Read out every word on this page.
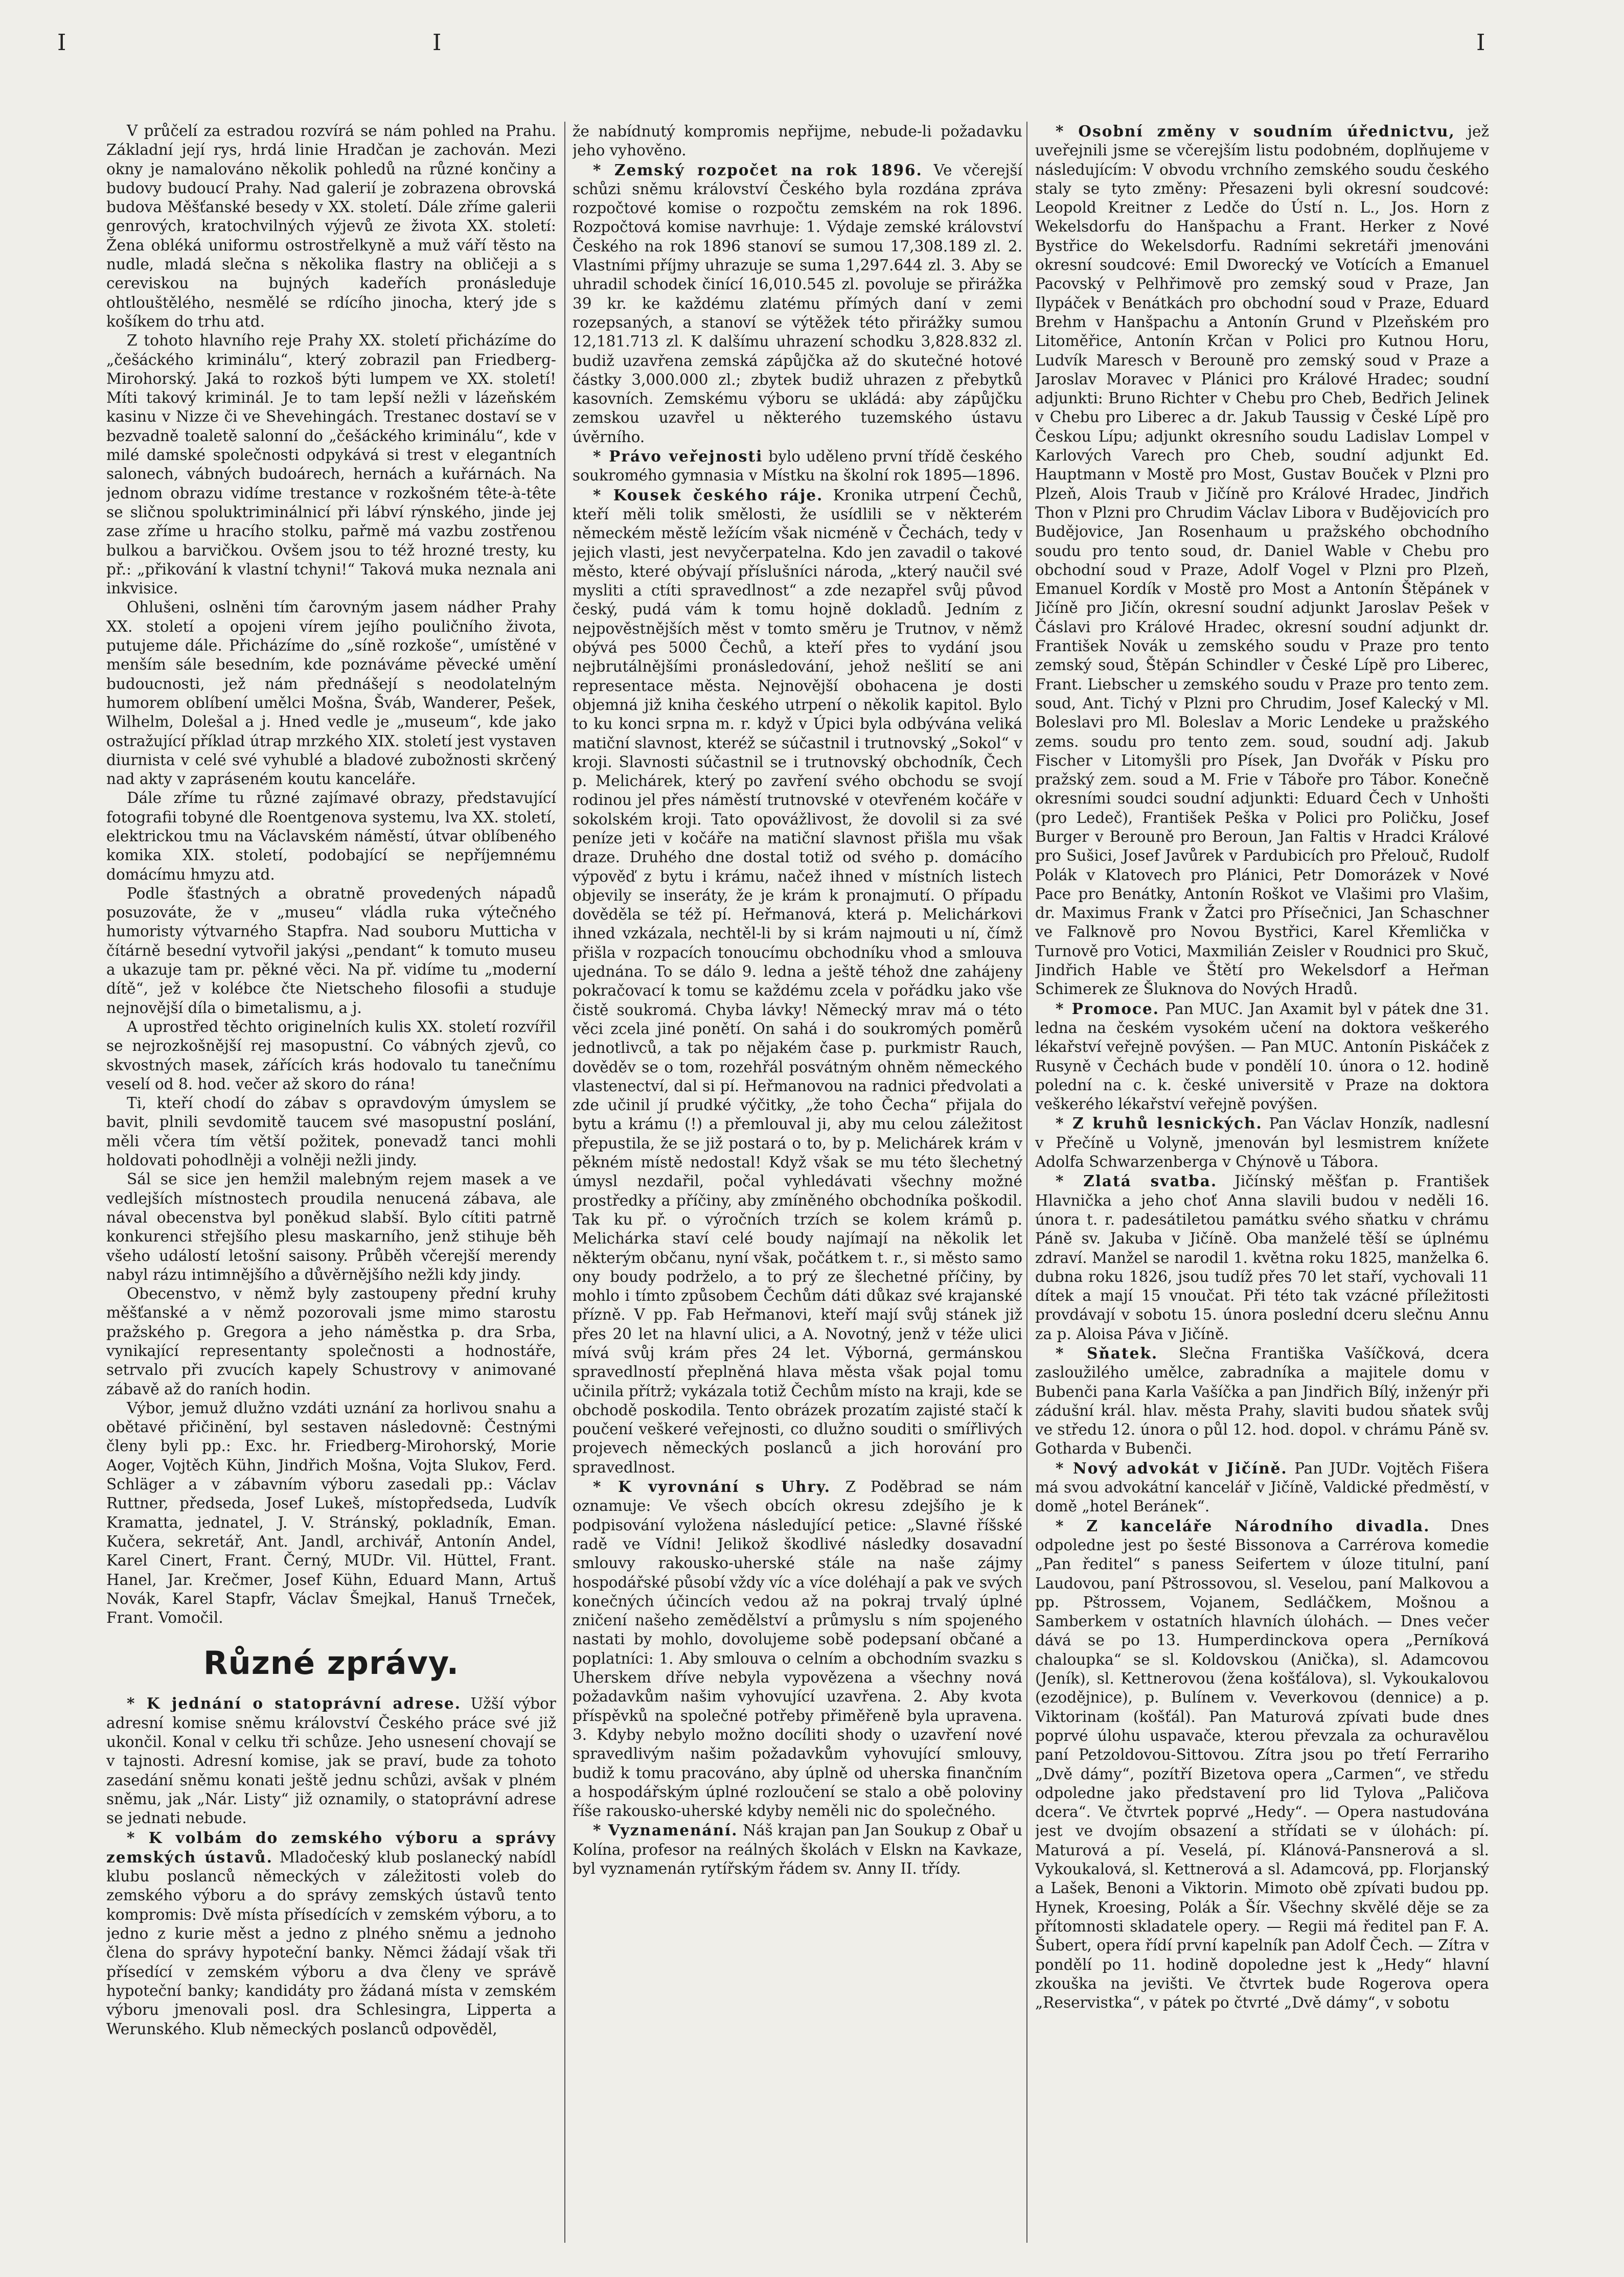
I	I	I

V průčelí za estradou rozvírá se nám pohled na Prahu. Základní její rys, hrdá linie Hradčan je zachován. Mezi okny je namalováno několik pohledů na různé končiny a budovy budoucí Prahy. Nad galerií je zobrazena obrovská budova Měšťanské besedy v XX. století. Dále zříme galerii genrových, kratochvilných výjevů ze života XX. století: Žena obléká uniformu ostrostřelkyně a muž váří těsto na nudle, mladá slečna s několika flastry na obličeji a s cereviskou na bujných kadeřích pronásleduje ohtlouštělého, nesmělé se rdícího jinocha, který jde s košíkem do trhu atd.

Z tohoto hlavního reje Prahy XX. století přicházíme do „češáckého kriminálu“, který zobrazil pan Friedberg-Mirohorský. Jaká to rozkoš býti lumpem ve XX. století! Míti takový kriminál. Je to tam lepší nežli v lázeňském kasinu v Nizze či ve Shevehingách. Trestanec dostaví se v bezvadně toaletě salonní do „češáckého kriminálu“, kde v milé damské společnosti odpykává si trest v elegantních salonech, vábných budoárech, hernách a kuřárnách. Na jednom obrazu vidíme trestance v rozkošném tête-à-tête se sličnou spoluktriminálnicí při lábví rýnského, jinde jej zase zříme u hracího stolku, pařmě má vazbu zostřenou bulkou a barvičkou. Ovšem jsou to též hrozné tresty, ku př.: „přikování k vlastní tchyni!“ Taková muka neznala ani inkvisice.

Ohlušeni, oslněni tím čarovným jasem nádher Prahy XX. století a opojeni vírem jejího pouličního života, putujeme dále. Přicházíme do „síně rozkoše“, umístěné v menším sále besedním, kde poznáváme pěvecké umění budoucnosti, jež nám přednášejí s neodolatelným humorem oblíbení umělci Mošna, Šváb, Wanderer, Pešek, Wilhelm, Dolešal a j. Hned vedle je „museum“, kde jako ostražující příklad útrap mrzkého XIX. století jest vystaven diurnista v celé své vyhublé a bladové zubožnosti skrčený nad akty v zapráseném koutu kanceláře.

Dále zříme tu různé zajímavé obrazy, představující fotografii tobyné dle Roentgenova systemu, lva XX. století, elektrickou tmu na Václavském náměstí, útvar oblíbeného komika XIX. století, podobající se nepříjemnému domácímu hmyzu atd.

Podle šťastných a obratně provedených nápadů posuzováte, že v „museu“ vládla ruka výtečného humoristy výtvarného Stapfra. Nad souboru Mutticha v čítárně besední vytvořil jakýsi „pendant“ k tomuto museu a ukazuje tam pr. pěkné věci. Na př. vidíme tu „moderní dítě“, jež v kolébce čte Nietscheho filosofii a studuje nejnovější díla o bimetalismu, a j.

A uprostřed těchto originelních kulis XX. století rozvířil se nejrozkošnější rej masopustní. Co vábných zjevů, co skvostných masek, zářících krás hodovalo tu tanečnímu veselí od 8. hod. večer až skoro do rána!

Ti, kteří chodí do zábav s opravdovým úmyslem se bavit, plnili sevdomitě taucem své masopustní poslání, měli včera tím větší požitek, ponevadž tanci mohli holdovati pohodlněji a volněji nežli jindy.

Sál se sice jen hemžil malebným rejem masek a ve vedlejších místnostech proudila nenucená zábava, ale nával obecenstva byl poněkud slabší. Bylo cítiti patrně konkurenci střejšího plesu maskarního, jenž stihuje běh všeho událostí letošní saisony. Průběh včerejší merendy nabyl rázu intimnějšího a důvěrnějšího nežli kdy jindy.

Obecenstvo, v němž byly zastoupeny přední kruhy měšťanské a v němž pozorovali jsme mimo starostu pražského p. Gregora a jeho náměstka p. dra Srba, vynikající representanty společnosti a hodnostáře, setrvalo při zvucích kapely Schustrovy v animované zábavě až do raních hodin.

Výbor, jemuž dlužno vzdáti uznání za horlivou snahu a obětavé přičinění, byl sestaven následovně: Čestnými členy byli pp.: Exc. hr. Friedberg-Mirohorský, Morie Aoger, Vojtěch Kühn, Jindřich Mošna, Vojta Slukov, Ferd. Schläger a v zábavním výboru zasedali pp.: Václav Ruttner, předseda, Josef Lukeš, místopředseda, Ludvík Kramatta, jednatel, J. V. Stránský, pokladník, Eman. Kučera, sekretář, Ant. Jandl, archivář, Antonín Andel, Karel Cinert, Frant. Černý, MUDr. Vil. Hüttel, Frant. Hanel, Jar. Krečmer, Josef Kühn, Eduard Mann, Artuš Novák, Karel Stapfr, Václav Šmejkal, Hanuš Trneček, Frant. Vomočil.

Různé zprávy.

* K jednání o statoprávní adrese. Užší výbor adresní komise sněmu království Českého práce své již ukončil. Konal v celku tři schůze. Jeho usnesení chovají se v tajnosti. Adresní komise, jak se praví, bude za tohoto zasedání sněmu konati ještě jednu schůzi, avšak v plném sněmu, jak „Nár. Listy“ již oznamily, o statoprávní adrese se jednati nebude.

* K volbám do zemského výboru a správy zemských ústavů. Mladočeský klub poslanecký nabídl klubu poslanců německých v záležitosti voleb do zemského výboru a do správy zemských ústavů tento kompromis: Dvě místa přísedících v zemském výboru, a to jedno z kurie měst a jedno z plného sněmu a jednoho člena do správy hypoteční banky. Němci žádají však tři přísedící v zemském výboru a dva členy ve správě hypoteční banky; kandidáty pro žádaná místa v zemském výboru jmenovali posl. dra Schlesingra, Lipperta a Werunského. Klub německých poslanců odpověděl,

že nabídnutý kompromis nepřijme, nebude-li požadavku jeho vyhověno.

* Zemský rozpočet na rok 1896. Ve včerejší schůzi sněmu království Českého byla rozdána zpráva rozpočtové komise o rozpočtu zemském na rok 1896. Rozpočtová komise navrhuje: 1. Výdaje zemské království Českého na rok 1896 stanoví se sumou 17,308.189 zl. 2. Vlastními příjmy uhrazuje se suma 1,297.644 zl. 3. Aby se uhradil schodek činící 16,010.545 zl. povoluje se přirážka 39 kr. ke každému zlatému přímých daní v zemi rozepsaných, a stanoví se výtěžek této přirážky sumou 12,181.713 zl. K dalšímu uhrazení schodku 3,828.832 zl. budiž uzavřena zemská zápůjčka až do skutečné hotové částky 3,000.000 zl.; zbytek budiž uhrazen z přebytků kasovních. Zemskému výboru se ukládá: aby zápůjčku zemskou uzavřel u některého tuzemského ústavu úvěrního.

* Právo veřejnosti bylo uděleno první třídě českého soukromého gymnasia v Místku na školní rok 1895—1896.

* Kousek českého ráje. Kronika utrpení Čechů, kteří měli tolik smělosti, že usídlili se v některém německém městě ležícím však nicméně v Čechách, tedy v jejich vlasti, jest nevyčerpatelna. Kdo jen zavadil o takové město, které obývají příslušníci národa, „který naučil své mysliti a ctíti spravedlnost“ a zde nezapřel svůj původ český, pudá vám k tomu hojně dokladů. Jedním z nejpověstnějších měst v tomto směru je Trutnov, v němž obývá pes 5000 Čechů, a kteří přes to vydání jsou nejbrutálnějšími pronásledování, jehož nešlití se ani representace města. Nejnovější obohacena je dosti objemná již kniha českého utrpení o několik kapitol. Bylo to ku konci srpna m. r. když v Úpici byla odbývána veliká matiční slavnost, kteréž se súčastnil i trutnovský „Sokol“ v kroji. Slavnosti súčastnil se i trutnovský obchodník, Čech p. Melichárek, který po zavření svého obchodu se svojí rodinou jel přes náměstí trutnovské v otevřeném kočáře v sokolském kroji. Tato opovážlivost, že dovolil si za své peníze jeti v kočáře na matiční slavnost přišla mu však draze. Druhého dne dostal totiž od svého p. domácího výpověď z bytu i krámu, načež ihned v místních listech objevily se inseráty, že je krám k pronajmutí. O případu dověděla se též pí. Heřmanová, která p. Melichárkovi ihned vzkázala, nechtěl-li by si krám najmouti u ní, čímž přišla v rozpacích tonoucímu obchodníku vhod a smlouva ujednána. To se dálo 9. ledna a ještě téhož dne zahájeny pokračovací k tomu se každému zcela v pořádku jako vše čistě soukromá. Chyba lávky! Německý mrav má o této věci zcela jiné ponětí. On sahá i do soukromých poměrů jednotlivců, a tak po nějakém čase p. purkmistr Rauch, dověděv se o tom, rozehřál posvátným ohněm německého vlastenectví, dal si pí. Heřmanovou na radnici předvolati a zde učinil jí prudké výčitky, „že toho Čecha“ přijala do bytu a krámu (!) a přemlouval ji, aby mu celou záležitost přepustila, že se již postará o to, by p. Melichárek krám v pěkném místě nedostal! Když však se mu této šlechetný úmysl nezdařil, počal vyhledávati všechny možné prostředky a příčiny, aby zmíněného obchodníka poškodil. Tak ku př. o výročních trzích se kolem krámů p. Melichárka staví celé boudy najímají na několik let některým občanu, nyní však, počátkem t. r., si město samo ony boudy podrželo, a to prý ze šlechetné příčiny, by mohlo i tímto způsobem Čechům dáti důkaz své krajanské přízně. V pp. Fab Heřmanovi, kteří mají svůj stánek již přes 20 let na hlavní ulici, a A. Novotný, jenž v téže ulici mívá svůj krám přes 24 let. Výborná, germánskou spravedlností přeplněná hlava města však pojal tomu učinila přítrž; vykázala totiž Čechům místo na kraji, kde se obchodě poskodila. Tento obrázek prozatím zajisté stačí k poučení veškeré veřejnosti, co dlužno souditi o smířlivých projevech německých poslanců a jich horování pro spravedlnost.

* K vyrovnání s Uhry. Z Poděbrad se nám oznamuje: Ve všech obcích okresu zdejšího je k podpisování vyložena následující petice: „Slavné říšské radě ve Vídni! Jelikož škodlivé následky dosavadní smlouvy rakousko-uherské stále na naše zájmy hospodářské působí vždy víc a více doléhají a pak ve svých konečných účincích vedou až na pokraj trvalý úplné zničení našeho zemědělství a průmyslu s ním spojeného nastati by mohlo, dovolujeme sobě podepsaní občané a poplatníci: 1. Aby smlouva o celním a obchodním svazku s Uherskem dříve nebyla vypovězena a všechny nová požadavkům našim vyhovující uzavřena. 2. Aby kvota příspěvků na společné potřeby přiměřeně byla upravena. 3. Kdyby nebylo možno docíliti shody o uzavření nové spravedlivým našim požadavkům vyhovující smlouvy, budiž k tomu pracováno, aby úplně od uherska finančním a hospodářským úplné rozloučení se stalo a obě poloviny říše rakousko-uherské kdyby neměli nic do společného.

* Vyznamenání. Náš krajan pan Jan Soukup z Obař u Kolína, profesor na reálných školách v Elskn na Kavkaze, byl vyznamenán rytířským řádem sv. Anny II. třídy.

* Osobní změny v soudním úřednictvu, jež uveřejnili jsme se včerejším listu podobném, doplňujeme v následujícím: V obvodu vrchního zemského soudu českého staly se tyto změny: Přesazeni byli okresní soudcové: Leopold Kreitner z Ledče do Ústí n. L., Jos. Horn z Wekelsdorfu do Hanšpachu a Frant. Herker z Nové Bystřice do Wekelsdorfu. Radními sekretáři jmenováni okresní soudcové: Emil Dworecký ve Votících a Emanuel Pacovský v Pelhřimově pro zemský soud v Praze, Jan Ilypáček v Benátkách pro obchodní soud v Praze, Eduard Brehm v Hanšpachu a Antonín Grund v Plzeňském pro Litoměřice, Antonín Krčan v Polici pro Kutnou Horu, Ludvík Maresch v Berouně pro zemský soud v Praze a Jaroslav Moravec v Plánici pro Králové Hradec; soudní adjunkti: Bruno Richter v Chebu pro Cheb, Bedřich Jelinek v Chebu pro Liberec a dr. Jakub Taussig v České Lípě pro Českou Lípu; adjunkt okresního soudu Ladislav Lompel v Karlových Varech pro Cheb, soudní adjunkt Ed. Hauptmann v Mostě pro Most, Gustav Bouček v Plzni pro Plzeň, Alois Traub v Jičíně pro Králové Hradec, Jindřich Thon v Plzni pro Chrudim Václav Libora v Budějovicích pro Budějovice, Jan Rosenhaum u pražského obchodního soudu pro tento soud, dr. Daniel Wable v Chebu pro obchodní soud v Praze, Adolf Vogel v Plzni pro Plzeň, Emanuel Kordík v Mostě pro Most a Antonín Štěpánek v Jičíně pro Jičín, okresní soudní adjunkt Jaroslav Pešek v Čáslavi pro Králové Hradec, okresní soudní adjunkt dr. František Novák u zemského soudu v Praze pro tento zemský soud, Štěpán Schindler v České Lípě pro Liberec, Frant. Liebscher u zemského soudu v Praze pro tento zem. soud, Ant. Tichý v Plzni pro Chrudim, Josef Kalecký v Ml. Boleslavi pro Ml. Boleslav a Moric Lendeke u pražského zems. soudu pro tento zem. soud, soudní adj. Jakub Fischer v Litomyšli pro Písek, Jan Dvořák v Písku pro pražský zem. soud a M. Frie v Táboře pro Tábor. Konečně okresními soudci soudní adjunkti: Eduard Čech v Unhošti (pro Ledeč), František Peška v Polici pro Poličku, Josef Burger v Berouně pro Beroun, Jan Faltis v Hradci Králové pro Sušici, Josef Javůrek v Pardubicích pro Přelouč, Rudolf Polák v Klatovech pro Plánici, Petr Domorázek v Nové Pace pro Benátky, Antonín Roškot ve Vlašimi pro Vlašim, dr. Maximus Frank v Žatci pro Přísečnici, Jan Schaschner ve Falknově pro Novou Bystřici, Karel Křemlička v Turnově pro Votici, Maxmilián Zeisler v Roudnici pro Skuč, Jindřich Hable ve Štětí pro Wekelsdorf a Heřman Schimerek ze Šluknova do Nových Hradů.

* Promoce. Pan MUC. Jan Axamit byl v pátek dne 31. ledna na českém vysokém učení na doktora veškerého lékařství veřejně povýšen. — Pan MUC. Antonín Piskáček z Rusyně v Čechách bude v pondělí 10. února o 12. hodině polední na c. k. české universitě v Praze na doktora veškerého lékařství veřejně povýšen.

* Z kruhů lesnických. Pan Václav Honzík, nadlesní v Přečíně u Volyně, jmenován byl lesmistrem knížete Adolfa Schwarzenberga v Chýnově u Tábora.

* Zlatá svatba. Jičínský měšťan p. František Hlavnička a jeho choť Anna slavili budou v neděli 16. února t. r. padesátiletou památku svého sňatku v chrámu Páně sv. Jakuba v Jičíně. Oba manželé těší se úplnému zdraví. Manžel se narodil 1. května roku 1825, manželka 6. dubna roku 1826, jsou tudíž přes 70 let staří, vychovali 11 dítek a mají 15 vnoučat. Při této tak vzácné příležitosti provdávají v sobotu 15. února poslední dceru slečnu Annu za p. Aloisa Páva v Jičíně.

* Sňatek. Slečna Františka Vašíčková, dcera zasloužilého umělce, zabradníka a majitele domu v Bubenči pana Karla Vašíčka a pan Jindřich Bílý, inženýr při zádušní král. hlav. města Prahy, slaviti budou sňatek svůj ve středu 12. února o půl 12. hod. dopol. v chrámu Páně sv. Gotharda v Bubenči.

* Nový advokát v Jičíně. Pan JUDr. Vojtěch Fišera má svou advokátní kancelář v Jičíně, Valdické předměstí, v domě „hotel Beránek“.

* Z kanceláře Národního divadla. Dnes odpoledne jest po šesté Bissonova a Carrérova komedie „Pan ředitel“ s paness Seifertem v úloze titulní, paní Laudovou, paní Pštrossovou, sl. Veselou, paní Malkovou a pp. Pštrossem, Vojanem, Sedláčkem, Mošnou a Samberkem v ostatních hlavních úlohách. — Dnes večer dává se po 13. Humperdinckova opera „Perníková chaloupka“ se sl. Koldovskou (Anička), sl. Adamcovou (Jeník), sl. Kettnerovou (žena košťálova), sl. Vykoukalovou (ezodějnice), p. Bulínem v. Veverkovou (dennice) a p. Viktorinam (košťál). Pan Maturová zpívati bude dnes poprvé úlohu uspavače, kterou převzala za ochuravělou paní Petzoldovou-Sittovou. Zítra jsou po třetí Ferrariho „Dvě dámy“, pozítří Bizetova opera „Carmen“, ve středu odpoledne jako představení pro lid Tylova „Paličova dcera“. Ve čtvrtek poprvé „Hedy“. — Opera nastudována jest ve dvojím obsazení a střídati se v úlohách: pí. Maturová a pí. Veselá, pí. Klánová-Pansnerová a sl. Vykoukalová, sl. Kettnerová a sl. Adamcová, pp. Florjanský a Lašek, Benoni a Viktorin. Mimoto obě zpívati budou pp. Hynek, Kroesing, Polák a Šír. Všechny skvělé děje se za přítomnosti skladatele opery. — Regii má ředitel pan F. A. Šubert, opera řídí první kapelník pan Adolf Čech. — Zítra v pondělí po 11. hodině dopoledne jest k „Hedy“ hlavní zkouška na jevišti. Ve čtvrtek bude Rogerova opera „Reservistka“, v pátek po čtvrté „Dvě dámy“, v sobotu
